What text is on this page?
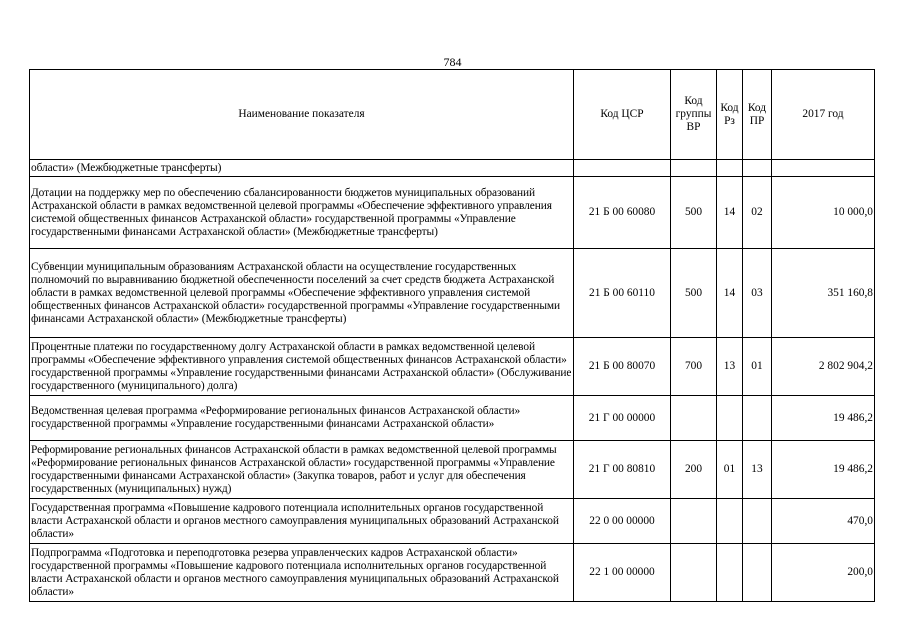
784
Наименование показателя	Код ЦСР	Код группы ВР	Код Рз	Код ПР	2017 год
области» (Межбюджетные трансферты)					
Дотации на поддержку мер по обеспечению сбалансированности бюджетов муниципальных образований Астраханской области в рамках ведомственной целевой программы «Обеспечение эффективного управления системой общественных финансов Астраханской области» государственной программы «Управление государственными финансами Астраханской области» (Межбюджетные трансферты)	21 Б 00 60080	500	14	02	10 000,0
Субвенции муниципальным образованиям Астраханской области на осуществление государственных полномочий по выравниванию бюджетной обеспеченности поселений за счет средств бюджета Астраханской области в рамках ведомственной целевой программы «Обеспечение эффективного управления системой общественных финансов Астраханской области» государственной программы «Управление государственными финансами Астраханской области» (Межбюджетные трансферты)	21 Б 00 60110	500	14	03	351 160,8
Процентные платежи по государственному долгу Астраханской области в рамках ведомственной целевой программы «Обеспечение эффективного управления системой общественных финансов Астраханской области» государственной программы «Управление государственными финансами Астраханской области» (Обслуживание государственного (муниципального) долга)	21 Б 00 80070	700	13	01	2 802 904,2
Ведомственная целевая программа «Реформирование региональных финансов Астраханской области» государственной программы «Управление государственными финансами Астраханской области»	21 Г 00 00000				19 486,2
Реформирование региональных финансов Астраханской области в рамках ведомственной целевой программы «Реформирование региональных финансов Астраханской области» государственной программы «Управление государственными финансами Астраханской области» (Закупка товаров, работ и услуг для обеспечения государственных (муниципальных) нужд)	21 Г 00 80810	200	01	13	19 486,2
Государственная программа «Повышение кадрового потенциала исполнительных органов государственной власти Астраханской области и органов местного самоуправления муниципальных образований Астраханской области»	22 0 00 00000				470,0
Подпрограмма «Подготовка и переподготовка резерва управленческих кадров Астраханской области» государственной программы «Повышение кадрового потенциала исполнительных органов государственной власти Астраханской области и органов местного самоуправления муниципальных образований Астраханской области»	22 1 00 00000				200,0
